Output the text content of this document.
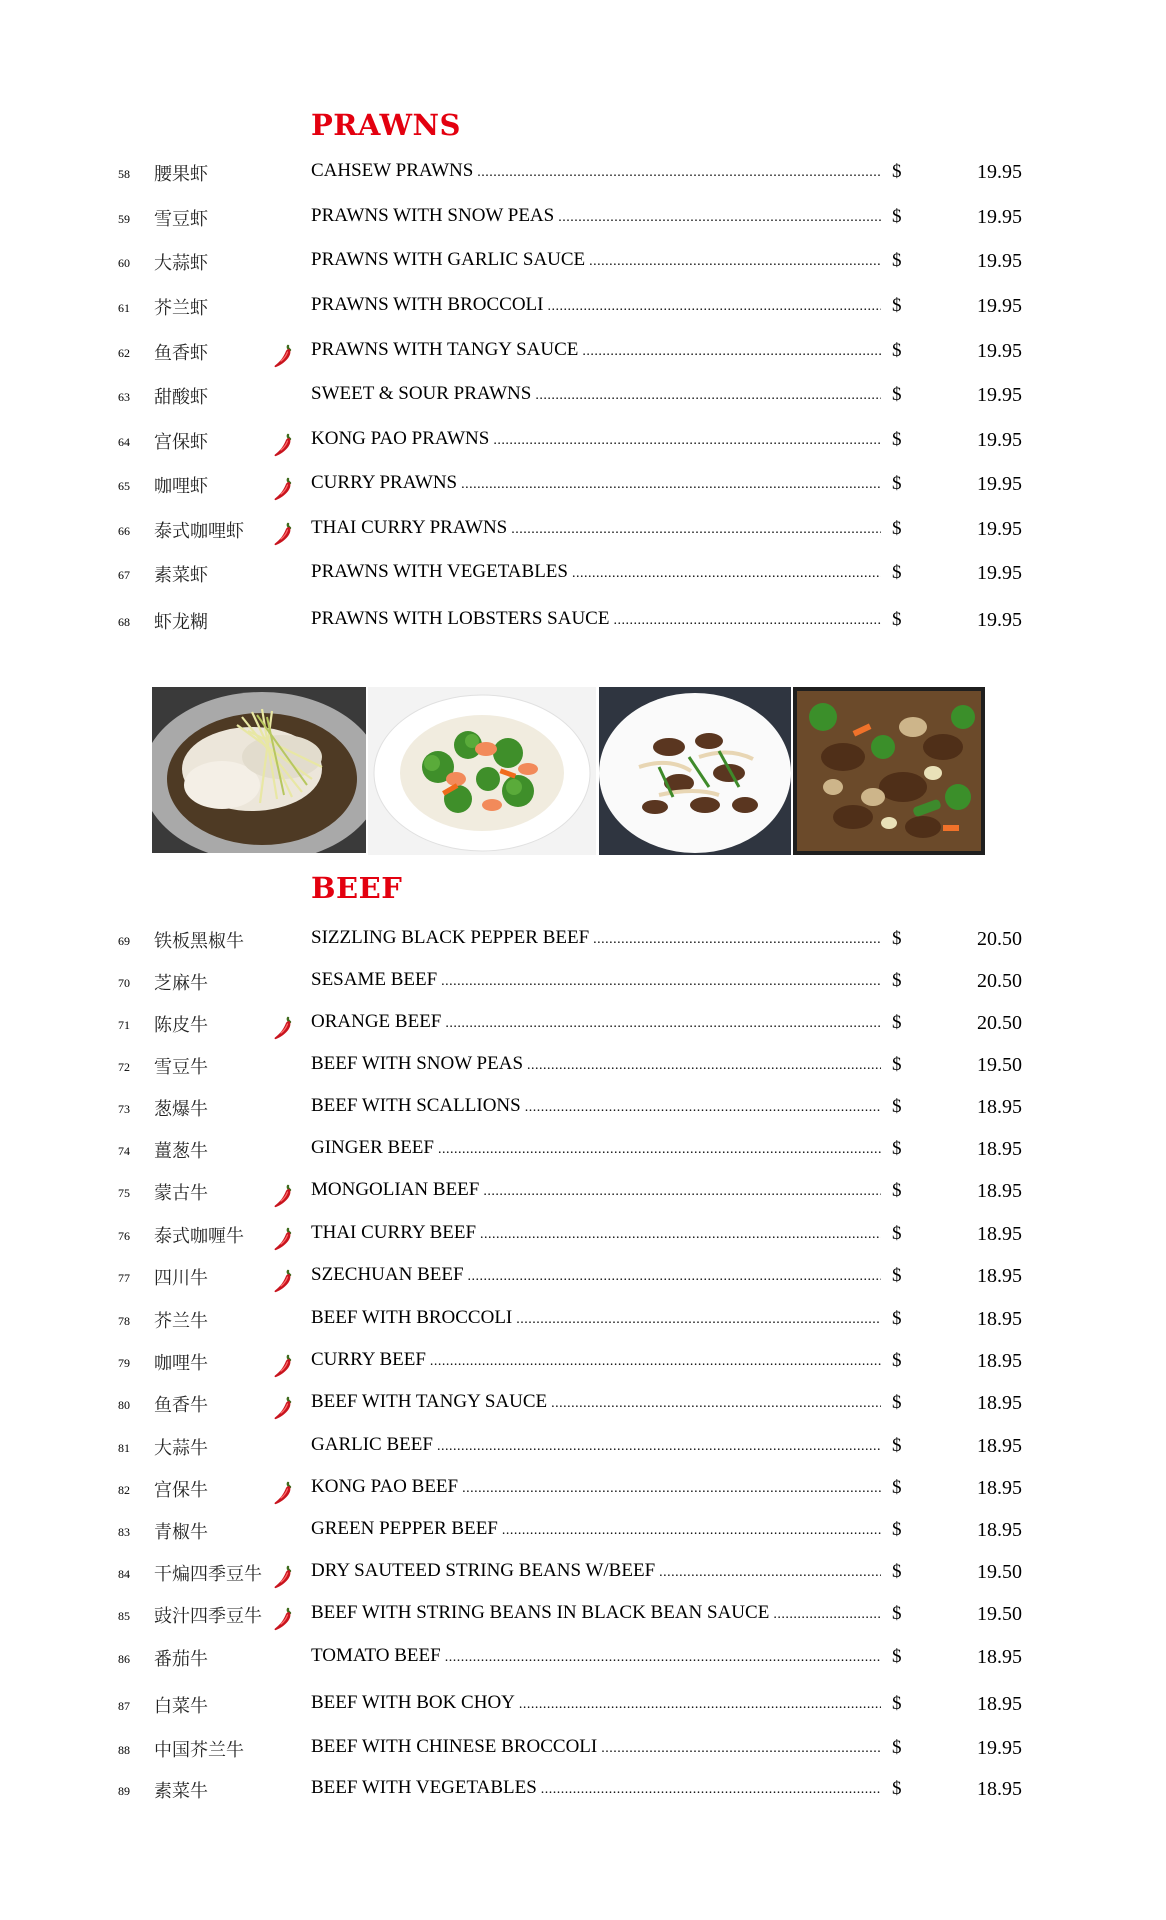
PRAWNS
58 腰果虾	CAHSEW PRAWNS .....	$	19.95
59 雪豆虾	PRAWNS WITH SNOW PEAS .....	$	19.95
60 大蒜虾	PRAWNS WITH GARLIC SAUCE .....	$	19.95
61 芥兰虾	PRAWNS WITH BROCCOLI .....	$	19.95
62 鱼香虾	PRAWNS WITH TANGY SAUCE .....	$	19.95
63 甜酸虾	SWEET & SOUR PRAWNS .....	$	19.95
64 宫保虾	KONG PAO PRAWNS .....	$	19.95
65 咖哩虾	CURRY PRAWNS .....	$	19.95
66 泰式咖哩虾	THAI CURRY PRAWNS .....	$	19.95
67 素菜虾	PRAWNS WITH VEGETABLES .....	$	19.95
68 虾龙糊	PRAWNS WITH LOBSTERS SAUCE .....	$	19.95
BEEF
69 铁板黑椒牛	SIZZLING BLACK PEPPER BEEF .....	$	20.50
70 芝麻牛	SESAME BEEF .....	$	20.50
71 陈皮牛	ORANGE BEEF .....	$	20.50
72 雪豆牛	BEEF WITH SNOW PEAS .....	$	19.50
73 葱爆牛	BEEF WITH SCALLIONS .....	$	18.95
74 薑葱牛	GINGER BEEF .....	$	18.95
75 蒙古牛	MONGOLIAN BEEF .....	$	18.95
76 泰式咖喱牛	THAI CURRY BEEF .....	$	18.95
77 四川牛	SZECHUAN BEEF .....	$	18.95
78 芥兰牛	BEEF WITH BROCCOLI .....	$	18.95
79 咖哩牛	CURRY BEEF .....	$	18.95
80 鱼香牛	BEEF WITH TANGY SAUCE .....	$	18.95
81 大蒜牛	GARLIC BEEF .....	$	18.95
82 宫保牛	KONG PAO BEEF .....	$	18.95
83 青椒牛	GREEN PEPPER BEEF .....	$	18.95
84 干煸四季豆牛	DRY SAUTEED STRING BEANS W/BEEF .....	$	19.50
85 豉汁四季豆牛	BEEF WITH STRING BEANS IN BLACK BEAN SAUCE .....	$	19.50
86 番茄牛	TOMATO BEEF .....	$	18.95
87 白菜牛	BEEF WITH BOK CHOY .....	$	18.95
88 中国芥兰牛	BEEF WITH CHINESE BROCCOLI .....	$	19.95
89 素菜牛	BEEF WITH VEGETABLES .....	$	18.95
